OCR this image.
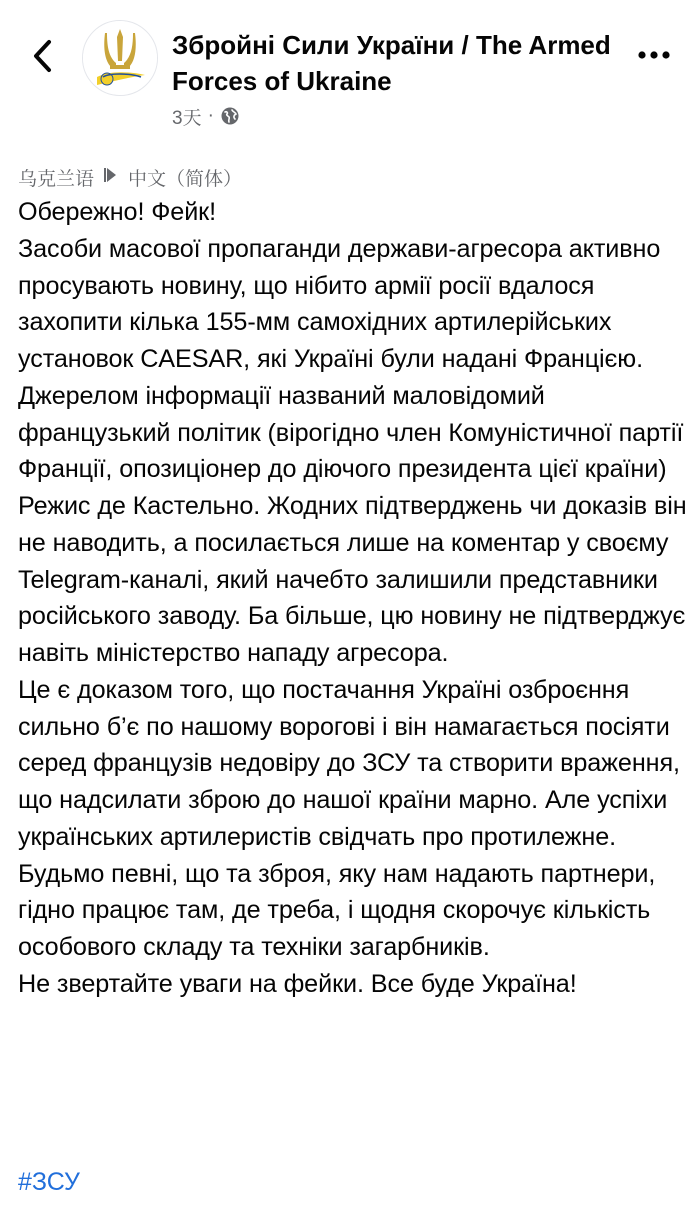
Збройні Сили України / The Armed Forces of Ukraine
3天 ·
乌克兰语 中文（简体）

Обережно! Фейк!

Засоби масової пропаганди держави-агресора активно просувають новину, що нібито армії росії вдалося захопити кілька 155-мм самохідних артилерійських установок CAESAR, які Україні були надані Францією.

Джерелом інформації названий маловідомий французький політик (вірогідно член Комуністичної партії Франції, опозиціонер до діючого президента цієї країни) Режис де Кастельно. Жодних підтверджень чи доказів він не наводить, а посилається лише на коментар у своєму Telegram-каналі, який начебто залишили представники російського заводу. Ба більше, цю новину не підтверджує навіть міністерство нападу агресора.

Це є доказом того, що постачання Україні озброєння сильно б’є по нашому ворогові і він намагається посіяти серед французів недовіру до ЗСУ та створити враження, що надсилати зброю до нашої країни марно. Але успіхи українських артилеристів свідчать про протилежне. Будьмо певні, що та зброя, яку нам надають партнери, гідно працює там, де треба, і щодня скорочує кількість особового складу та техніки загарбників.

Не звертайте уваги на фейки. Все буде Україна!

#ЗСУ
